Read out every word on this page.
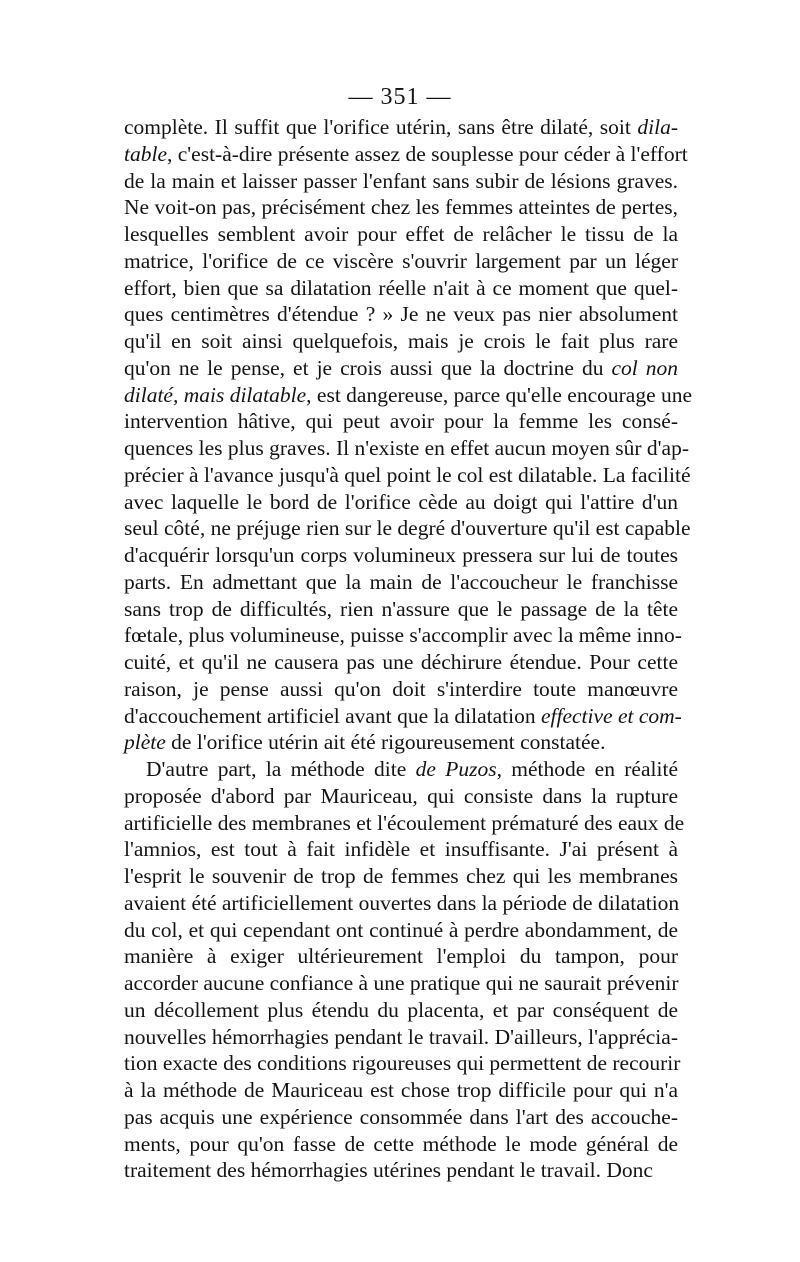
— 351 —
complète. Il suffit que l'orifice utérin, sans être dilaté, soit dila-
table, c'est-à-dire présente assez de souplesse pour céder à l'effort
de la main et laisser passer l'enfant sans subir de lésions graves.
Ne voit-on pas, précisément chez les femmes atteintes de pertes,
lesquelles semblent avoir pour effet de relâcher le tissu de la
matrice, l'orifice de ce viscère s'ouvrir largement par un léger
effort, bien que sa dilatation réelle n'ait à ce moment que quel-
ques centimètres d'étendue ? » Je ne veux pas nier absolument
qu'il en soit ainsi quelquefois, mais je crois le fait plus rare
qu'on ne le pense, et je crois aussi que la doctrine du col non
dilaté, mais dilatable, est dangereuse, parce qu'elle encourage une
intervention hâtive, qui peut avoir pour la femme les consé-
quences les plus graves. Il n'existe en effet aucun moyen sûr d'ap-
précier à l'avance jusqu'à quel point le col est dilatable. La facilité
avec laquelle le bord de l'orifice cède au doigt qui l'attire d'un
seul côté, ne préjuge rien sur le degré d'ouverture qu'il est capable
d'acquérir lorsqu'un corps volumineux pressera sur lui de toutes
parts. En admettant que la main de l'accoucheur le franchisse
sans trop de difficultés, rien n'assure que le passage de la tête
fœtale, plus volumineuse, puisse s'accomplir avec la même inno-
cuité, et qu'il ne causera pas une déchirure étendue. Pour cette
raison, je pense aussi qu'on doit s'interdire toute manœuvre
d'accouchement artificiel avant que la dilatation effective et com-
plète de l'orifice utérin ait été rigoureusement constatée.
D'autre part, la méthode dite de Puzos, méthode en réalité
proposée d'abord par Mauriceau, qui consiste dans la rupture
artificielle des membranes et l'écoulement prématuré des eaux de
l'amnios, est tout à fait infidèle et insuffisante. J'ai présent à
l'esprit le souvenir de trop de femmes chez qui les membranes
avaient été artificiellement ouvertes dans la période de dilatation
du col, et qui cependant ont continué à perdre abondamment, de
manière à exiger ultérieurement l'emploi du tampon, pour
accorder aucune confiance à une pratique qui ne saurait prévenir
un décollement plus étendu du placenta, et par conséquent de
nouvelles hémorrhagies pendant le travail. D'ailleurs, l'apprécia-
tion exacte des conditions rigoureuses qui permettent de recourir
à la méthode de Mauriceau est chose trop difficile pour qui n'a
pas acquis une expérience consommée dans l'art des accouche-
ments, pour qu'on fasse de cette méthode le mode général de
traitement des hémorrhagies utérines pendant le travail. Donc
